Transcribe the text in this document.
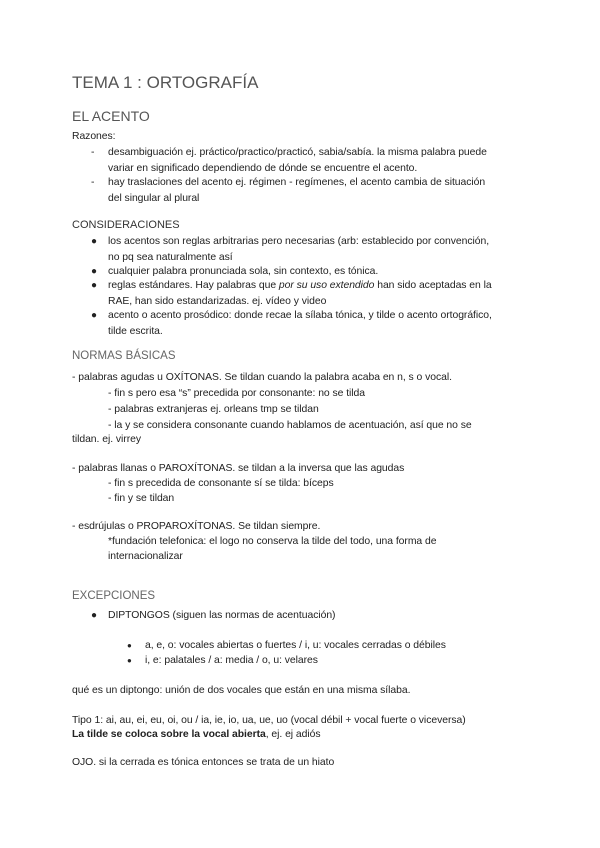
TEMA 1 : ORTOGRAFÍA
EL ACENTO
Razones:
- desambiguación ej. práctico/practico/practicó, sabia/sabía. la misma palabra puede
variar en significado dependiendo de dónde se encuentre el acento.
- hay traslaciones del acento ej. régimen - regímenes, el acento cambia de situación
del singular al plural
CONSIDERACIONES
● los acentos son reglas arbitrarias pero necesarias (arb: establecido por convención,
no pq sea naturalmente así
● cualquier palabra pronunciada sola, sin contexto, es tónica.
● reglas estándares. Hay palabras que por su uso extendido han sido aceptadas en la
RAE, han sido estandarizadas. ej. vídeo y video
● acento o acento prosódico: donde recae la sílaba tónica, y tilde o acento ortográfico,
tilde escrita.
NORMAS BÁSICAS
- palabras agudas u OXÍTONAS. Se tildan cuando la palabra acaba en n, s o vocal.
- fin s pero esa “s” precedida por consonante: no se tilda
- palabras extranjeras ej. orleans tmp se tildan
- la y se considera consonante cuando hablamos de acentuación, así que no se
tildan. ej. virrey
- palabras llanas o PAROXÍTONAS. se tildan a la inversa que las agudas
- fin s precedida de consonante sí se tilda: bíceps
- fin y se tildan
- esdrújulas o PROPAROXÍTONAS. Se tildan siempre.
*fundación telefonica: el logo no conserva la tilde del todo, una forma de
internacionalizar
EXCEPCIONES
● DIPTONGOS (siguen las normas de acentuación)
● a, e, o: vocales abiertas o fuertes / i, u: vocales cerradas o débiles
● i, e: palatales / a: media / o, u: velares
qué es un diptongo: unión de dos vocales que están en una misma sílaba.
Tipo 1: ai, au, ei, eu, oi, ou / ia, ie, io, ua, ue, uo (vocal débil + vocal fuerte o viceversa)
La tilde se coloca sobre la vocal abierta, ej. ej adiós
OJO. si la cerrada es tónica entonces se trata de un hiato
